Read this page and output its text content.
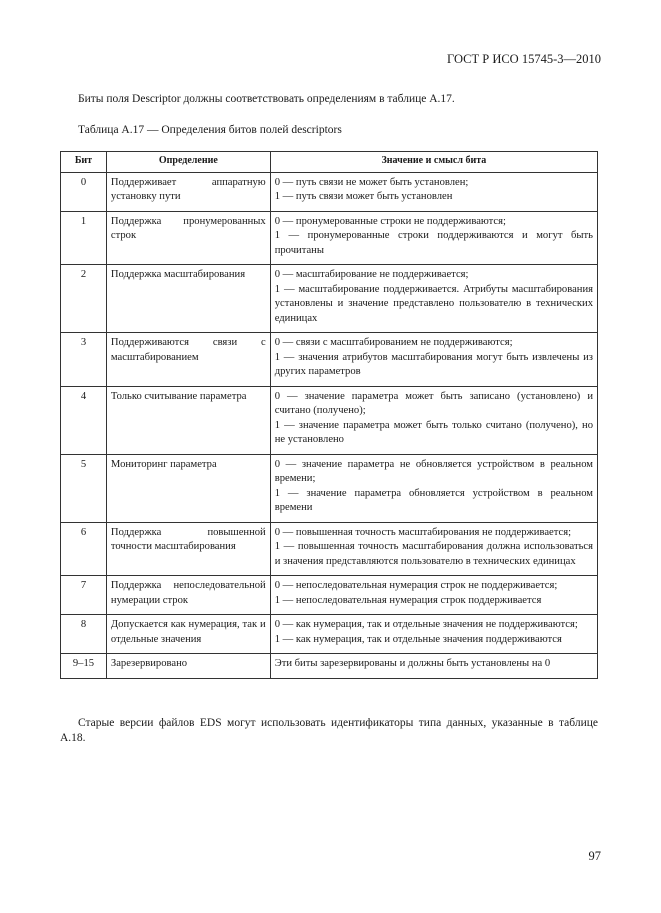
ГОСТ Р ИСО 15745-3—2010
Биты поля Descriptor должны соответствовать определениям в таблице А.17.
Таблица А.17 — Определения битов полей descriptors
Бит	Определение	Значение и смысл бита
0	Поддерживает аппаратную установку пути	0 — путь связи не может быть установлен;
1 — путь связи может быть установлен

1	Поддержка пронумерованных строк	0 — пронумерованные строки не поддерживаются;
1 — пронумерованные строки поддерживаются и могут быть прочитаны

2	Поддержка масштабирования	0 — масштабирование не поддерживается;
1 — масштабирование поддерживается. Атрибуты масштабирования установлены и значение представлено пользователю в технических единицах

3	Поддерживаются связи с масштабированием	0 — связи с масштабированием не поддерживаются;
1 — значения атрибутов масштабирования могут быть извлечены из других параметров

4	Только считывание параметра	0 — значение параметра может быть записано (установлено) и считано (получено);
1 — значение параметра может быть только считано (получено), но не установлено

5	Мониторинг параметра	0 — значение параметра не обновляется устройством в реальном времени;
1 — значение параметра обновляется устройством в реальном времени

6	Поддержка повышенной точности масштабирования	0 — повышенная точность масштабирования не поддерживается;
1 — повышенная точность масштабирования должна использоваться и значения представляются пользователю в технических единицах

7	Поддержка непоследовательной нумерации строк	0 — непоследовательная нумерация строк не поддерживается;
1 — непоследовательная нумерация строк поддерживается

8	Допускается как нумерация, так и отдельные значения	0 — как нумерация, так и отдельные значения не поддерживаются;
1 — как нумерация, так и отдельные значения поддерживаются

9–15	Зарезервировано	Эти биты зарезервированы и должны быть установлены на 0
Старые версии файлов EDS могут использовать идентификаторы типа данных, указанные в таблице А.18.
97
